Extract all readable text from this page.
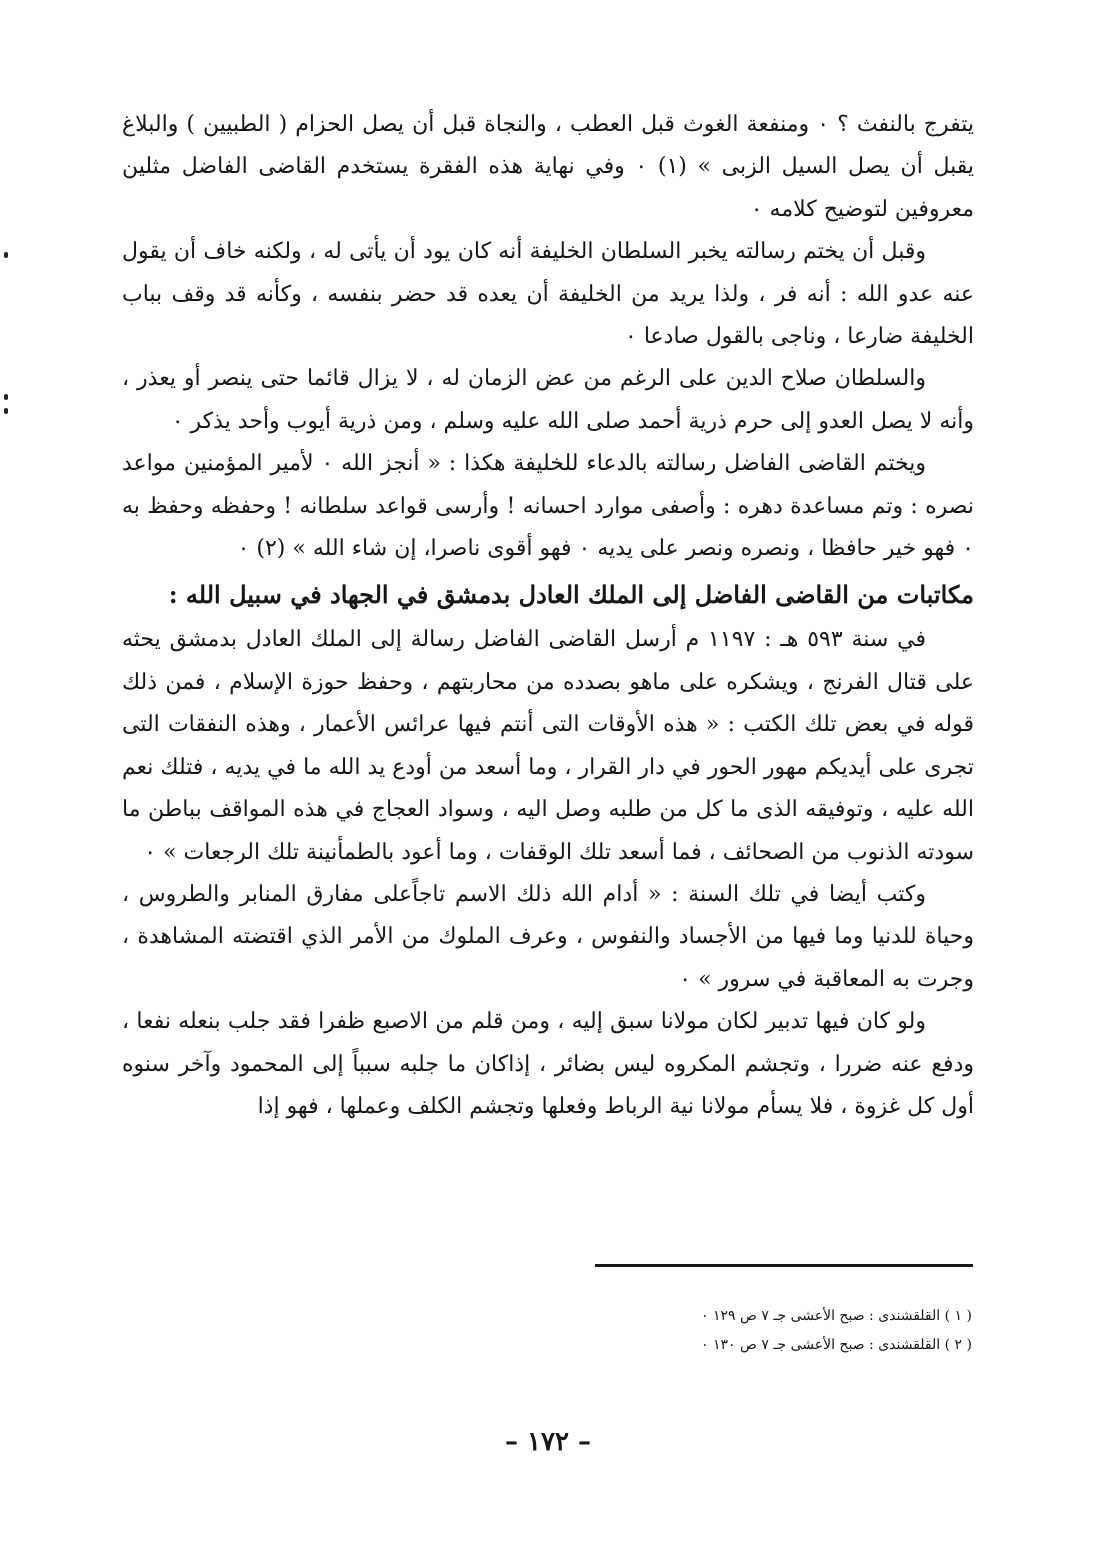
يتفرج بالنفث ؟ ٠ ومنفعة الغوث قبل العطب ، والنجاة قبل أن يصل الحزام ( الطبيين ) والبلاغ يقبل أن يصل السيل الزبى » (١) ٠ وفي نهاية هذه الفقرة يستخدم القاضى الفاضل مثلين معروفين لتوضيح كلامه ٠

وقبل أن يختم رسالته يخبر السلطان الخليفة أنه كان يود أن يأتى له ، ولكنه خاف أن يقول عنه عدو الله : أنه فر ، ولذا يريد من الخليفة أن يعده قد حضر بنفسه ، وكأنه قد وقف بباب الخليفة ضارعا ، وناجى بالقول صادعا ٠

والسلطان صلاح الدين على الرغم من عض الزمان له ، لا يزال قائما حتى ينصر أو يعذر ، وأنه لا يصل العدو إلى حرم ذرية أحمد صلى الله عليه وسلم ، ومن ذرية أيوب وأحد يذكر ٠

ويختم القاضى الفاضل رسالته بالدعاء للخليفة هكذا : « أنجز الله ٠ لأمير المؤمنين مواعد نصره : وتم مساعدة دهره : وأصفى موارد احسانه ! وأرسى قواعد سلطانه ! وحفظه وحفظ به ٠ فهو خير حافظا ، ونصره ونصر على يديه ٠ فهو أقوى ناصرا، إن شاء الله » (٢) ٠

مكاتبات من القاضى الفاضل إلى الملك العادل بدمشق في الجهاد في سبيل الله :

في سنة ٥٩٣ هـ : ١١٩٧ م أرسل القاضى الفاضل رسالة إلى الملك العادل بدمشق يحثه على قتال الفرنج ، ويشكره على ماهو بصدده من محاربتهم ، وحفظ حوزة الإسلام ، فمن ذلك قوله في بعض تلك الكتب : « هذه الأوقات التى أنتم فيها عرائس الأعمار ، وهذه النفقات التى تجرى على أيديكم مهور الحور في دار القرار ، وما أسعد من أودع يد الله ما في يديه ، فتلك نعم الله عليه ، وتوفيقه الذى ما كل من طلبه وصل اليه ، وسواد العجاج في هذه المواقف بباطن ما سودته الذنوب من الصحائف ، فما أسعد تلك الوقفات ، وما أعود بالطمأنينة تلك الرجعات » ٠

وكتب أيضا في تلك السنة : « أدام الله ذلك الاسم تاجاًعلى مفارق المنابر والطروس ، وحياة للدنيا وما فيها من الأجساد والنفوس ، وعرف الملوك من الأمر الذي اقتضته المشاهدة ، وجرت به المعاقبة في سرور » ٠

ولو كان فيها تدبير لكان مولانا سبق إليه ، ومن قلم من الاصبع ظفرا فقد جلب بنعله نفعا ، ودفع عنه ضررا ، وتجشم المكروه ليس بضائر ، إذاكان ما جلبه سبباً إلى المحمود وآخر سنوه أول كل غزوة ، فلا يسأم مولانا نية الرباط وفعلها وتجشم الكلف وعملها ، فهو إذا

( ١ ) القلقشندى : صبح الأعشى جـ ٧ ص ١٢٩ ٠
( ٢ ) القلقشندى : صبح الأعشى جـ ٧ ص ١٣٠ ٠
– ١٧٢ –
